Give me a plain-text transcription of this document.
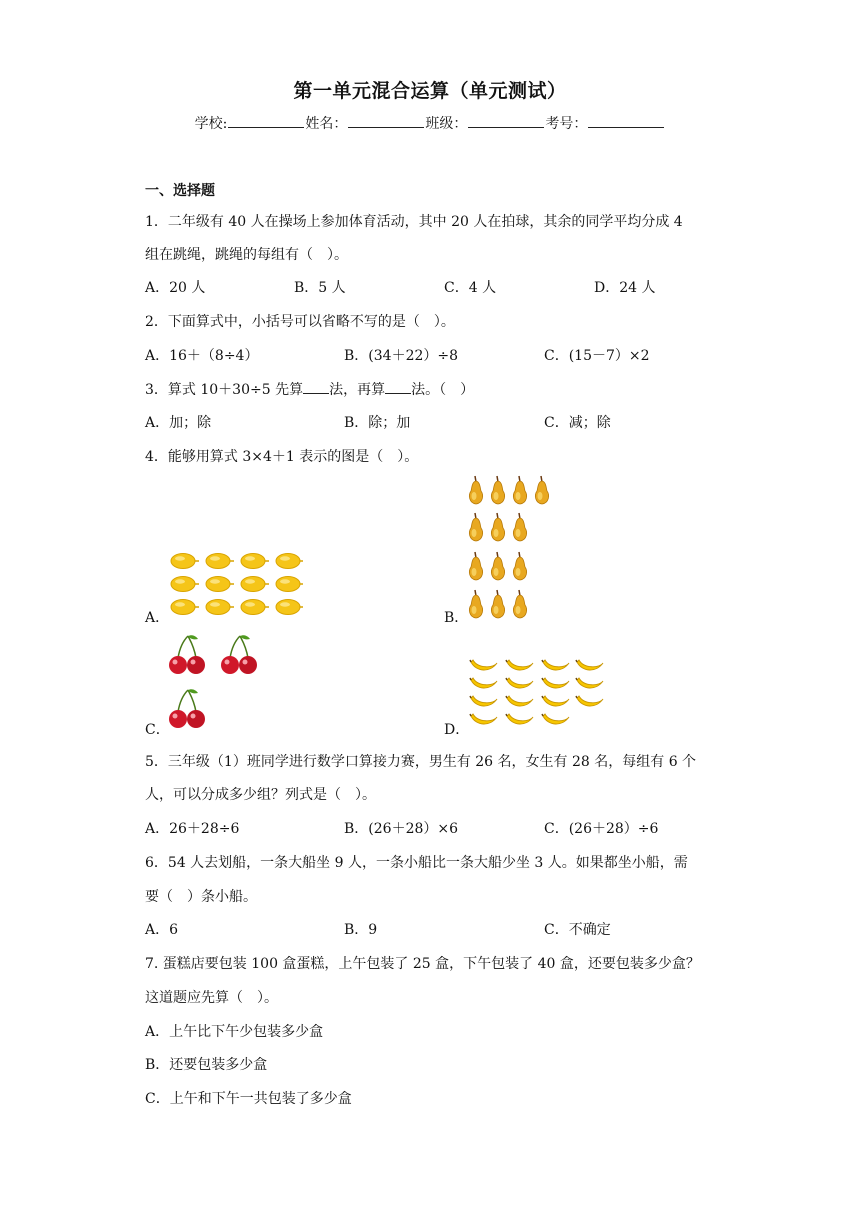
第一单元混合运算（单元测试）
学校:	姓名：	班级：	考号：
一、选择题
1．二年级有 40 人在操场上参加体育活动，其中 20 人在拍球，其余的同学平均分成 4
组在跳绳，跳绳的每组有（　）。
A．20 人	B．5 人	C．4 人	D．24 人
2．下面算式中，小括号可以省略不写的是（　）。
A．16＋（8÷4）	B．(34＋22）÷8	C．(15－7）×2
3．算式 10＋30÷5 先算 法，再算 法。（　）
A．加；除	B．除；加	C．减；除
4．能够用算式 3×4＋1 表示的图是（　）。
A．	B．
C．	D．
5．三年级（1）班同学进行数学口算接力赛，男生有 26 名，女生有 28 名，每组有 6 个
人，可以分成多少组？列式是（　）。
A．26＋28÷6	B．(26＋28）×6	C．(26＋28）÷6
6．54 人去划船，一条大船坐 9 人，一条小船比一条大船少坐 3 人。如果都坐小船，需
要（　）条小船。
A．6	B．9	C．不确定
7. 蛋糕店要包装 100 盒蛋糕，上午包装了 25 盒，下午包装了 40 盒，还要包装多少盒？
这道题应先算（　）。
A．上午比下午少包装多少盒
B．还要包装多少盒
C．上午和下午一共包装了多少盒
